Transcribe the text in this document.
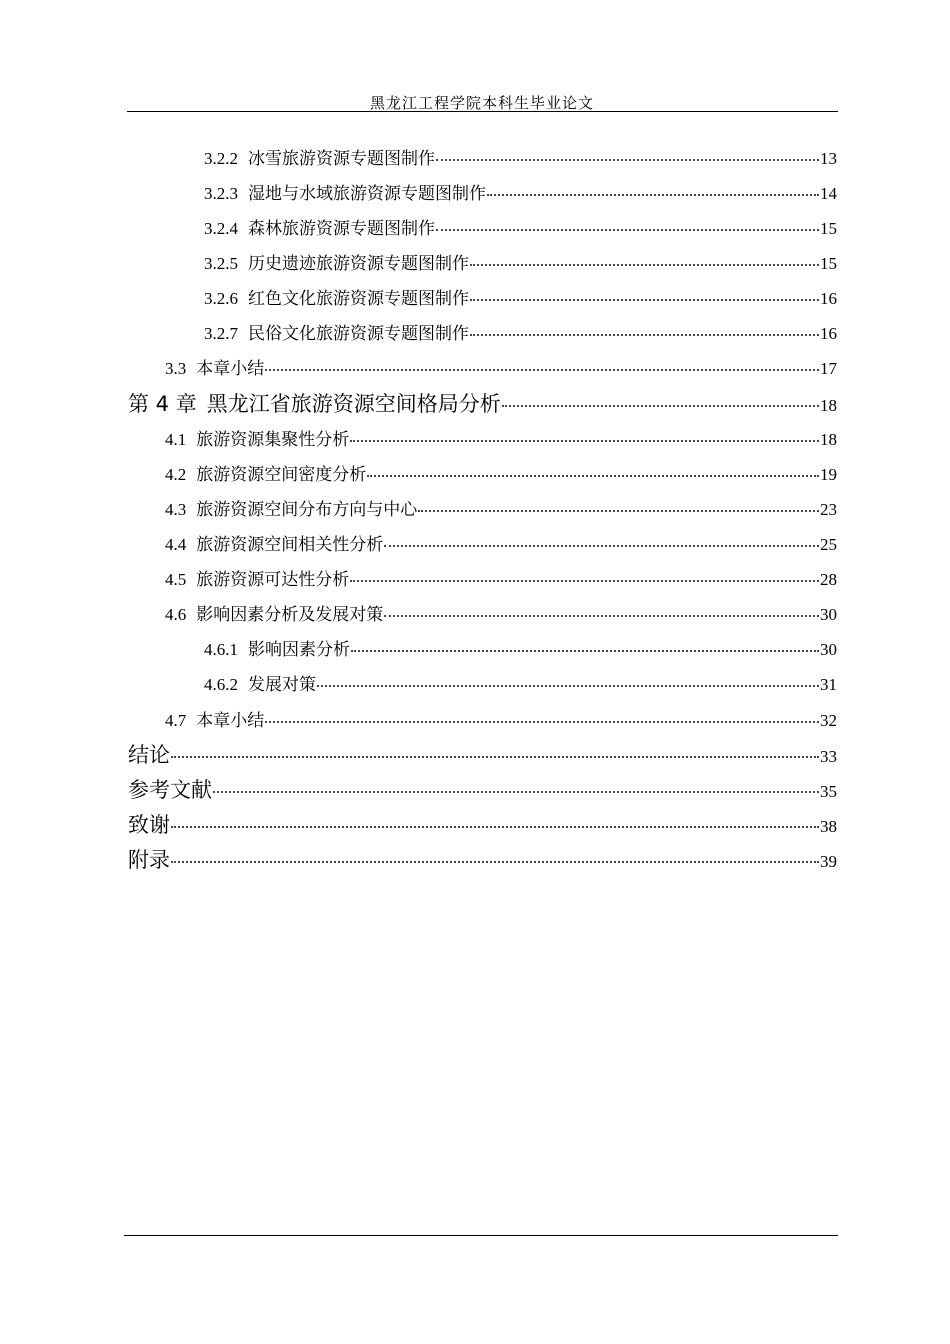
黑龙江工程学院本科生毕业论文
3.2.2 冰雪旅游资源专题图制作	13
3.2.3 湿地与水域旅游资源专题图制作	14
3.2.4 森林旅游资源专题图制作	15
3.2.5 历史遗迹旅游资源专题图制作	15
3.2.6 红色文化旅游资源专题图制作	16
3.2.7 民俗文化旅游资源专题图制作	16
3.3 本章小结	17
第 4 章 黑龙江省旅游资源空间格局分析	18
4.1 旅游资源集聚性分析	18
4.2 旅游资源空间密度分析	19
4.3 旅游资源空间分布方向与中心	23
4.4 旅游资源空间相关性分析	25
4.5 旅游资源可达性分析	28
4.6 影响因素分析及发展对策	30
4.6.1 影响因素分析	30
4.6.2 发展对策	31
4.7 本章小结	32
结论	33
参考文献	35
致谢	38
附录	39
